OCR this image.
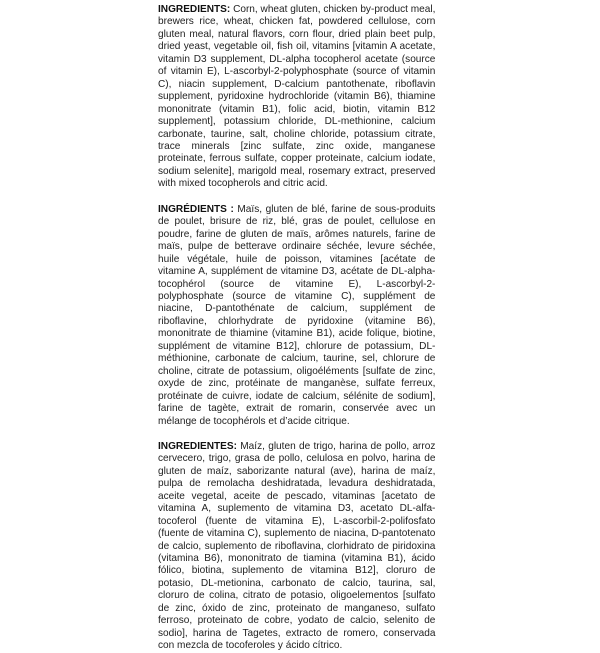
INGREDIENTS: Corn, wheat gluten, chicken by-product meal, brewers rice, wheat, chicken fat, powdered cellulose, corn gluten meal, natural flavors, corn flour, dried plain beet pulp, dried yeast, vegetable oil, fish oil, vitamins [vitamin A acetate, vitamin D3 supplement, DL-alpha tocopherol acetate (source of vitamin E), L-ascorbyl-2-polyphosphate (source of vitamin C), niacin supplement, D-calcium pantothenate, riboflavin supplement, pyridoxine hydrochloride (vitamin B6), thiamine mononitrate (vitamin B1), folic acid, biotin, vitamin B12 supplement], potassium chloride, DL-methionine, calcium carbonate, taurine, salt, choline chloride, potassium citrate, trace minerals [zinc sulfate, zinc oxide, manganese proteinate, ferrous sulfate, copper proteinate, calcium iodate, sodium selenite], marigold meal, rosemary extract, preserved with mixed tocopherols and citric acid.

INGRÉDIENTS : Maïs, gluten de blé, farine de sous-produits de poulet, brisure de riz, blé, gras de poulet, cellulose en poudre, farine de gluten de maïs, arômes naturels, farine de maïs, pulpe de betterave ordinaire séchée, levure séchée, huile végétale, huile de poisson, vitamines [acétate de vitamine A, supplément de vitamine D3, acétate de DL-alpha-tocophérol (source de vitamine E), L-ascorbyl-2-polyphosphate (source de vitamine C), supplément de niacine, D-pantothénate de calcium, supplément de riboflavine, chlorhydrate de pyridoxine (vitamine B6), mononitrate de thiamine (vitamine B1), acide folique, biotine, supplément de vitamine B12], chlorure de potassium, DL-méthionine, carbonate de calcium, taurine, sel, chlorure de choline, citrate de potassium, oligoéléments [sulfate de zinc, oxyde de zinc, protéinate de manganèse, sulfate ferreux, protéinate de cuivre, iodate de calcium, sélénite de sodium], farine de tagète, extrait de romarin, conservée avec un mélange de tocophérols et d’acide citrique.

INGREDIENTES: Maíz, gluten de trigo, harina de pollo, arroz cervecero, trigo, grasa de pollo, celulosa en polvo, harina de gluten de maíz, saborizante natural (ave), harina de maíz, pulpa de remolacha deshidratada, levadura deshidratada, aceite vegetal, aceite de pescado, vitaminas [acetato de vitamina A, suplemento de vitamina D3, acetato DL-alfa-tocoferol (fuente de vitamina E), L-ascorbil-2-polifosfato (fuente de vitamina C), suplemento de niacina, D-pantotenato de calcio, suplemento de riboflavina, clorhidrato de piridoxina (vitamina B6), mononitrato de tiamina (vitamina B1), ácido fólico, biotina, suplemento de vitamina B12], cloruro de potasio, DL-metionina, carbonato de calcio, taurina, sal, cloruro de colina, citrato de potasio, oligoelementos [sulfato de zinc, óxido de zinc, proteinato de manganeso, sulfato ferroso, proteinato de cobre, yodato de calcio, selenito de sodio], harina de Tagetes, extracto de romero, conservada con mezcla de tocoferoles y ácido cítrico.
